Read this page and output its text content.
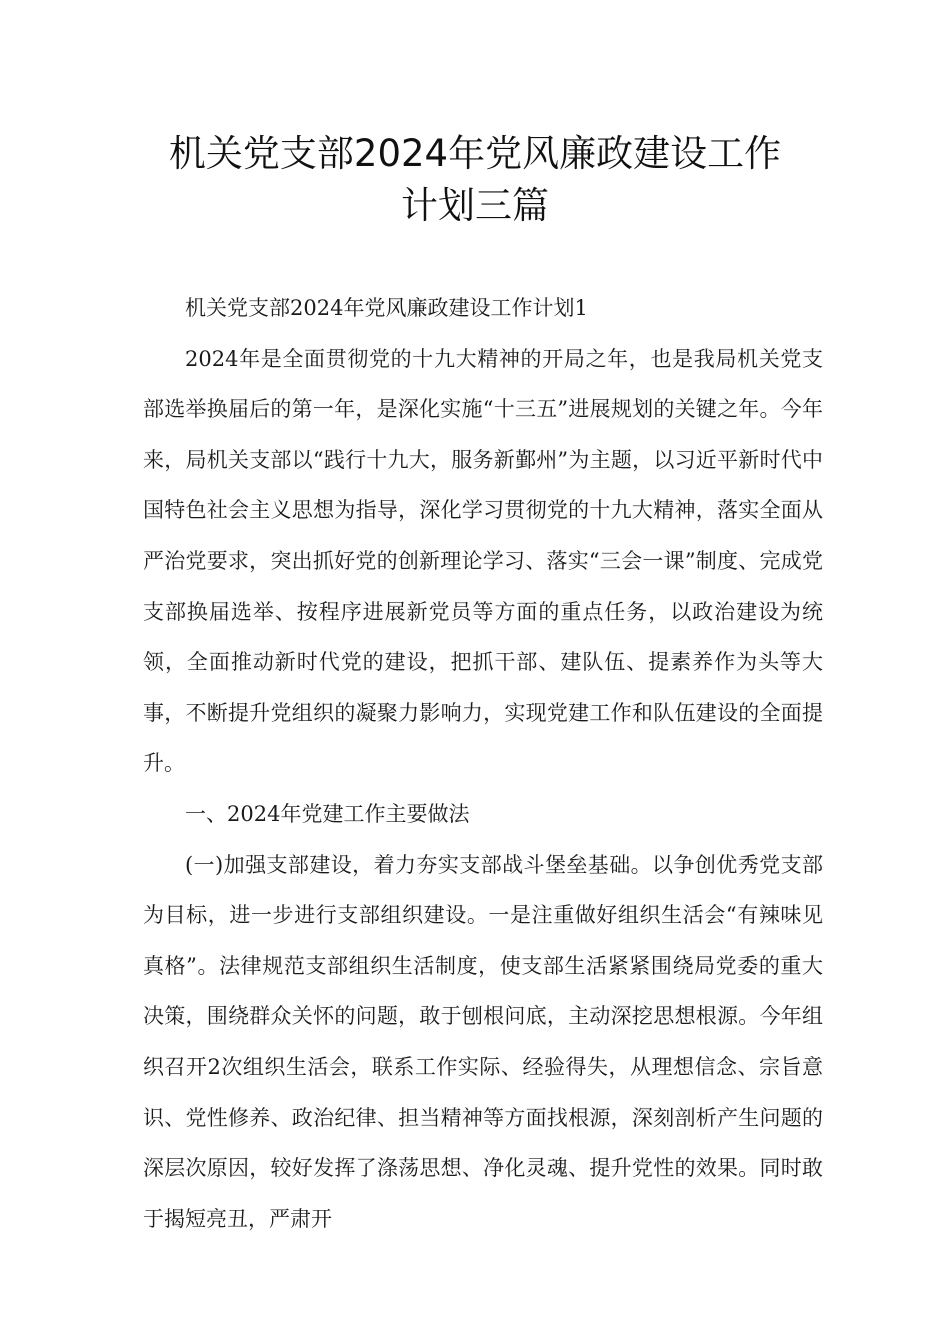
机关党支部2024年党风廉政建设工作
计划三篇

机关党支部2024年党风廉政建设工作计划1

2024年是全面贯彻党的十九大精神的开局之年，也是我局机关党支部选举换届后的第一年，是深化实施“十三五”进展规划的关键之年。今年来，局机关支部以“践行十九大，服务新鄞州”为主题，以习近平新时代中国特色社会主义思想为指导，深化学习贯彻党的十九大精神，落实全面从严治党要求，突出抓好党的创新理论学习、落实“三会一课”制度、完成党支部换届选举、按程序进展新党员等方面的重点任务，以政治建设为统领，全面推动新时代党的建设，把抓干部、建队伍、提素养作为头等大事，不断提升党组织的凝聚力影响力，实现党建工作和队伍建设的全面提升。

一、2024年党建工作主要做法

(一)加强支部建设，着力夯实支部战斗堡垒基础。以争创优秀党支部为目标，进一步进行支部组织建设。一是注重做好组织生活会“有辣味见真格”。法律规范支部组织生活制度，使支部生活紧紧围绕局党委的重大决策，围绕群众关怀的问题，敢于刨根问底，主动深挖思想根源。今年组织召开2次组织生活会，联系工作实际、经验得失，从理想信念、宗旨意识、党性修养、政治纪律、担当精神等方面找根源，深刻剖析产生问题的深层次原因，较好发挥了涤荡思想、净化灵魂、提升党性的效果。同时敢于揭短亮丑，严肃开
